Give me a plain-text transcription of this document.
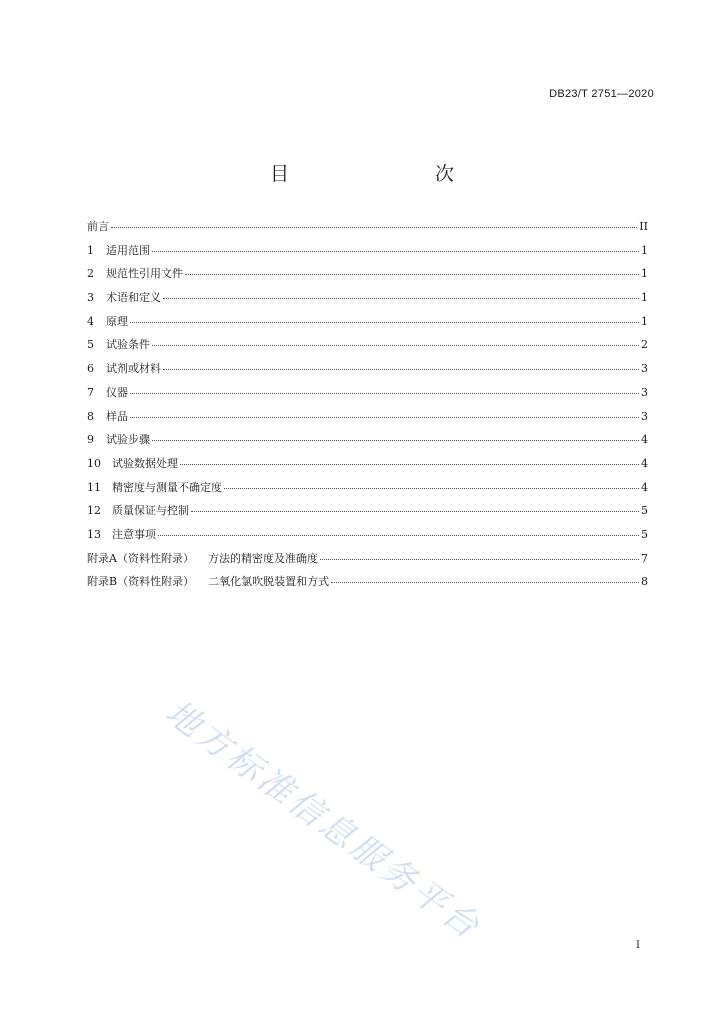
DB23/T 2751—2020
目　　次
前言	II
1 适用范围	1
2 规范性引用文件	1
3 术语和定义	1
4 原理	1
5 试验条件	2
6 试剂或材料	3
7 仪器	3
8 样品	3
9 试验步骤	4
10 试验数据处理	4
11 精密度与测量不确定度	4
12 质量保证与控制	5
13 注意事项	5
附录A（资料性附录） 方法的精密度及准确度	7
附录B（资料性附录） 二氧化氯吹脱装置和方式	8
地方标准信息服务平台	I
